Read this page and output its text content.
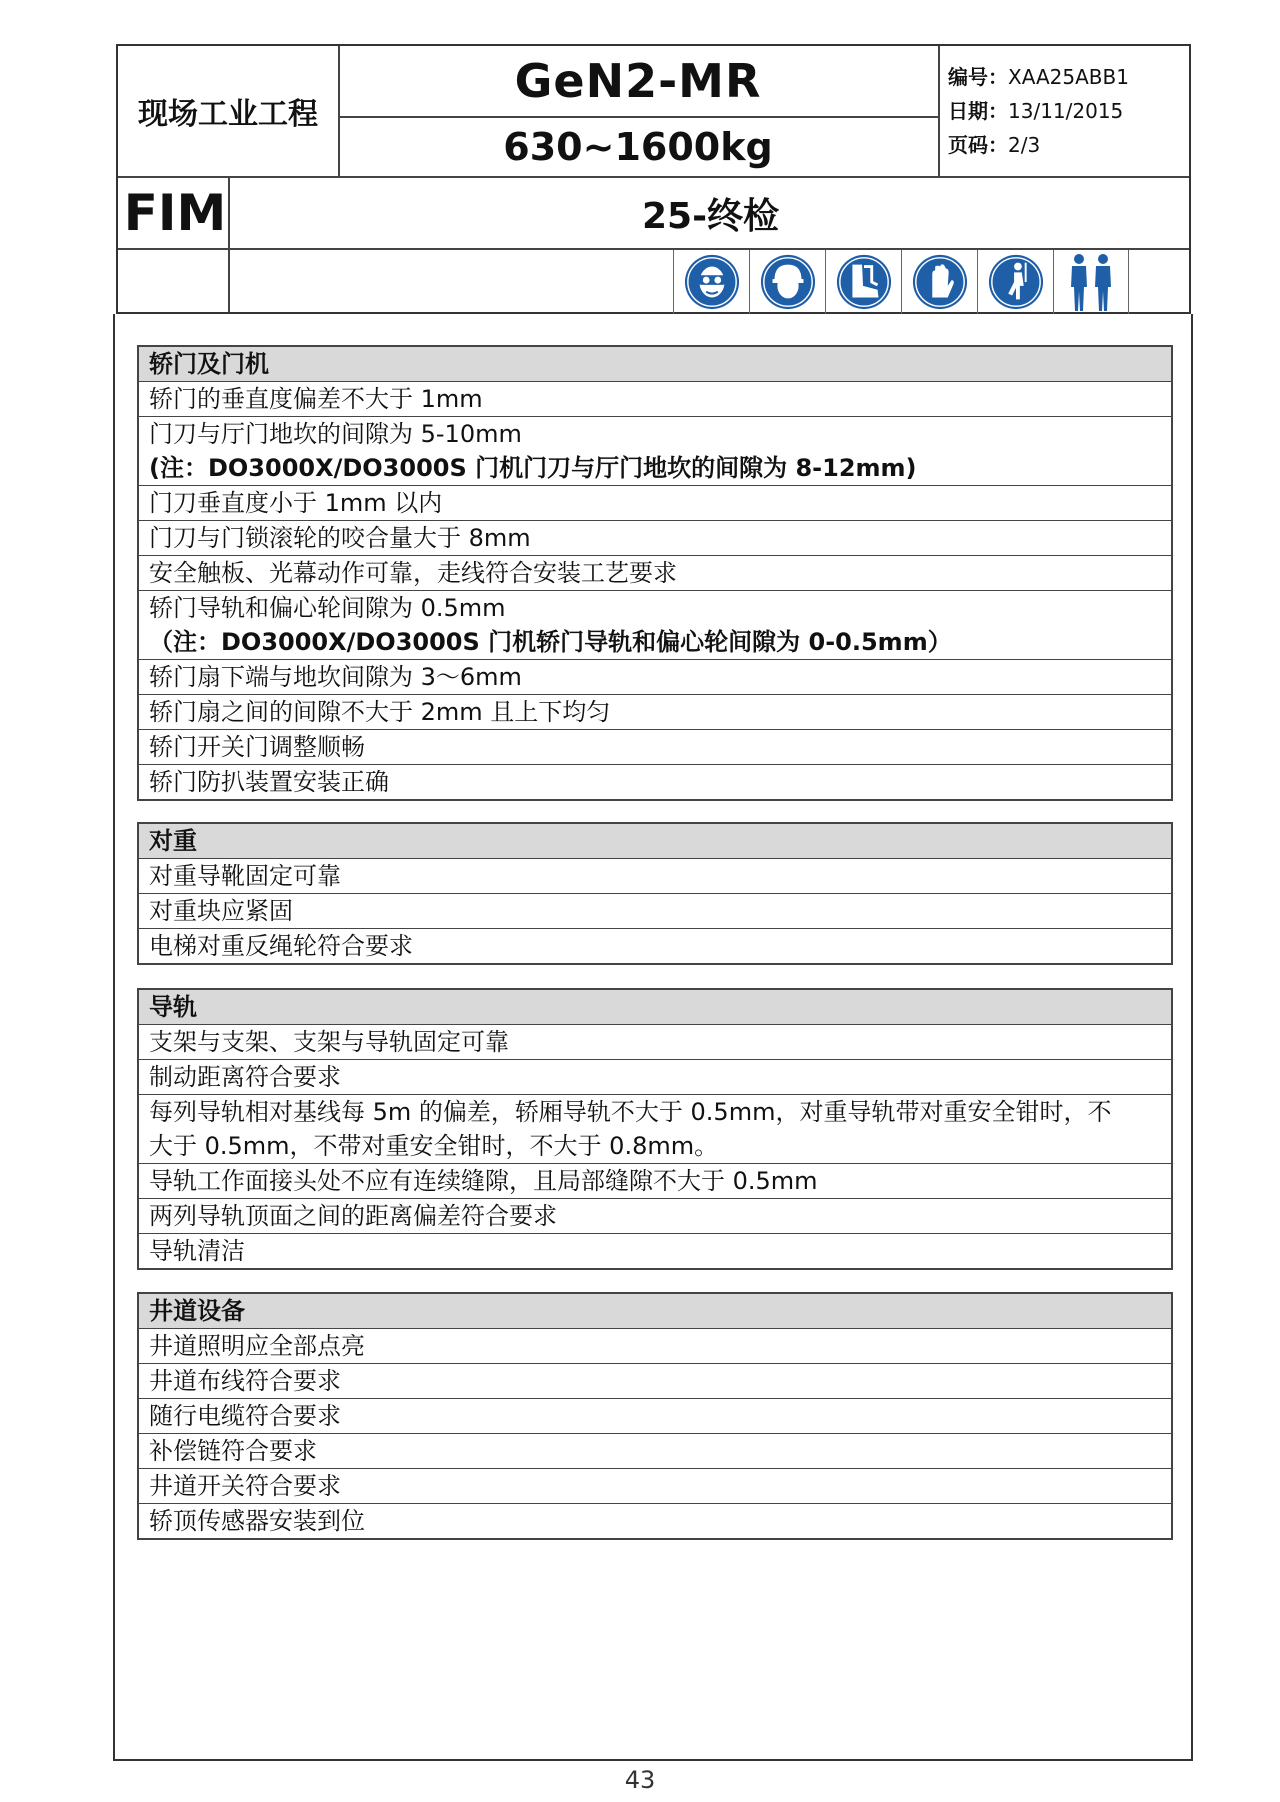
现场工业工程
GeN2-MR
630~1600kg
编号：XAA25ABB1
日期：13/11/2015
页码：2/3
FIM	25-终检
轿门及门机
轿门的垂直度偏差不大于 1mm
门刀与厅门地坎的间隙为 5-10mm
(注：DO3000X/DO3000S 门机门刀与厅门地坎的间隙为 8-12mm)
门刀垂直度小于 1mm 以内
门刀与门锁滚轮的咬合量大于 8mm
安全触板、光幕动作可靠，走线符合安装工艺要求
轿门导轨和偏心轮间隙为 0.5mm
（注：DO3000X/DO3000S 门机轿门导轨和偏心轮间隙为 0-0.5mm）
轿门扇下端与地坎间隙为 3～6mm
轿门扇之间的间隙不大于 2mm 且上下均匀
轿门开关门调整顺畅
轿门防扒装置安装正确
对重
对重导靴固定可靠
对重块应紧固
电梯对重反绳轮符合要求
导轨
支架与支架、支架与导轨固定可靠
制动距离符合要求
每列导轨相对基线每 5m 的偏差，轿厢导轨不大于 0.5mm，对重导轨带对重安全钳时，不
大于 0.5mm，不带对重安全钳时，不大于 0.8mm。
导轨工作面接头处不应有连续缝隙，且局部缝隙不大于 0.5mm
两列导轨顶面之间的距离偏差符合要求
导轨清洁
井道设备
井道照明应全部点亮
井道布线符合要求
随行电缆符合要求
补偿链符合要求
井道开关符合要求
轿顶传感器安装到位
43
